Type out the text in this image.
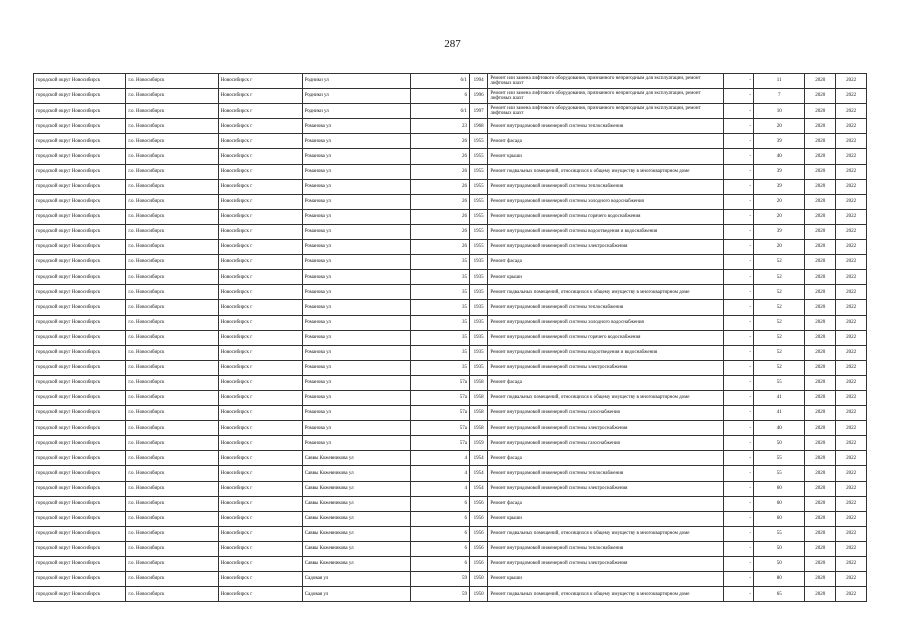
287
городской округ Новосибирск	г.о. Новосибирск	Новосибирск г	Родники ул	6/1	1994	Ремонт или замена лифтового оборудования, признанного непригодным для эксплуатации, ремонт лифтовых шахт	-	11	2020	2022
городской округ Новосибирск	г.о. Новосибирск	Новосибирск г	Родники ул	6	1996	Ремонт или замена лифтового оборудования, признанного непригодным для эксплуатации, ремонт лифтовых шахт	-	7	2020	2022
городской округ Новосибирск	г.о. Новосибирск	Новосибирск г	Родники ул	6/1	1997	Ремонт или замена лифтового оборудования, признанного непригодным для эксплуатации, ремонт лифтовых шахт	-	10	2020	2022
городской округ Новосибирск	г.о. Новосибирск	Новосибирск г	Романова ул	23	1968	Ремонт внутридомовой инженерной системы теплоснабжения	-	20	2020	2022
городской округ Новосибирск	г.о. Новосибирск	Новосибирск г	Романова ул	26	1955	Ремонт фасада	-	39	2020	2022
городской округ Новосибирск	г.о. Новосибирск	Новосибирск г	Романова ул	26	1955	Ремонт крыши	-	40	2020	2022
городской округ Новосибирск	г.о. Новосибирск	Новосибирск г	Романова ул	26	1955	Ремонт подвальных помещений, относящихся к общему имуществу в многоквартирном доме	-	39	2020	2022
городской округ Новосибирск	г.о. Новосибирск	Новосибирск г	Романова ул	26	1955	Ремонт внутридомовой инженерной системы теплоснабжения	-	39	2020	2022
городской округ Новосибирск	г.о. Новосибирск	Новосибирск г	Романова ул	26	1955	Ремонт внутридомовой инженерной системы холодного водоснабжения	-	20	2020	2022
городской округ Новосибирск	г.о. Новосибирск	Новосибирск г	Романова ул	26	1955	Ремонт внутридомовой инженерной системы горячего водоснабжения	-	20	2020	2022
городской округ Новосибирск	г.о. Новосибирск	Новосибирск г	Романова ул	26	1955	Ремонт внутридомовой инженерной системы водоотведения и водоснабжения	-	39	2020	2022
городской округ Новосибирск	г.о. Новосибирск	Новосибирск г	Романова ул	26	1955	Ремонт внутридомовой инженерной системы электроснабжения	-	20	2020	2022
городской округ Новосибирск	г.о. Новосибирск	Новосибирск г	Романова ул	35	1935	Ремонт фасада	-	52	2020	2022
городской округ Новосибирск	г.о. Новосибирск	Новосибирск г	Романова ул	35	1935	Ремонт крыши	-	52	2020	2022
городской округ Новосибирск	г.о. Новосибирск	Новосибирск г	Романова ул	35	1935	Ремонт подвальных помещений, относящихся к общему имуществу в многоквартирном доме	-	52	2020	2022
городской округ Новосибирск	г.о. Новосибирск	Новосибирск г	Романова ул	35	1935	Ремонт внутридомовой инженерной системы теплоснабжения	-	52	2020	2022
городской округ Новосибирск	г.о. Новосибирск	Новосибирск г	Романова ул	35	1935	Ремонт внутридомовой инженерной системы холодного водоснабжения	-	52	2020	2022
городской округ Новосибирск	г.о. Новосибирск	Новосибирск г	Романова ул	35	1935	Ремонт внутридомовой инженерной системы горячего водоснабжения	-	52	2020	2022
городской округ Новосибирск	г.о. Новосибирск	Новосибирск г	Романова ул	35	1935	Ремонт внутридомовой инженерной системы водоотведения и водоснабжения	-	52	2020	2022
городской округ Новосибирск	г.о. Новосибирск	Новосибирск г	Романова ул	35	1935	Ремонт внутридомовой инженерной системы электроснабжения	-	52	2020	2022
городской округ Новосибирск	г.о. Новосибирск	Новосибирск г	Романова ул	57а	1958	Ремонт фасада	-	55	2020	2022
городской округ Новосибирск	г.о. Новосибирск	Новосибирск г	Романова ул	57а	1958	Ремонт подвальных помещений, относящихся к общему имуществу в многоквартирном доме	-	41	2020	2022
городской округ Новосибирск	г.о. Новосибирск	Новосибирск г	Романова ул	57а	1958	Ремонт внутридомовой инженерной системы газоснабжения	-	41	2020	2022
городской округ Новосибирск	г.о. Новосибирск	Новосибирск г	Романова ул	57а	1958	Ремонт внутридомовой инженерной системы электроснабжения	-	40	2020	2022
городской округ Новосибирск	г.о. Новосибирск	Новосибирск г	Романова ул	57а	1959	Ремонт внутридомовой инженерной системы газоснабжения	-	50	2020	2022
городской округ Новосибирск	г.о. Новосибирск	Новосибирск г	Саввы Кожевникова ул	4	1954	Ремонт фасада	-	55	2020	2022
городской округ Новосибирск	г.о. Новосибирск	Новосибирск г	Саввы Кожевникова ул	4	1954	Ремонт внутридомовой инженерной системы теплоснабжения	-	55	2020	2022
городской округ Новосибирск	г.о. Новосибирск	Новосибирск г	Саввы Кожевникова ул	4	1954	Ремонт внутридомовой инженерной системы электроснабжения	-	60	2020	2022
городской округ Новосибирск	г.о. Новосибирск	Новосибирск г	Саввы Кожевникова ул	6	1956	Ремонт фасада	-	60	2020	2022
городской округ Новосибирск	г.о. Новосибирск	Новосибирск г	Саввы Кожевникова ул	6	1956	Ремонт крыши	-	60	2020	2022
городской округ Новосибирск	г.о. Новосибирск	Новосибирск г	Саввы Кожевникова ул	6	1956	Ремонт подвальных помещений, относящихся к общему имуществу в многоквартирном доме	-	55	2020	2022
городской округ Новосибирск	г.о. Новосибирск	Новосибирск г	Саввы Кожевникова ул	6	1956	Ремонт внутридомовой инженерной системы теплоснабжения	-	50	2020	2022
городской округ Новосибирск	г.о. Новосибирск	Новосибирск г	Саввы Кожевникова ул	6	1956	Ремонт внутридомовой инженерной системы электроснабжения	-	50	2020	2022
городской округ Новосибирск	г.о. Новосибирск	Новосибирск г	Садовая ул	59	1950	Ремонт крыши	-	80	2020	2022
городской округ Новосибирск	г.о. Новосибирск	Новосибирск г	Садовая ул	59	1950	Ремонт подвальных помещений, относящихся к общему имуществу в многоквартирном доме	-	65	2020	2022
